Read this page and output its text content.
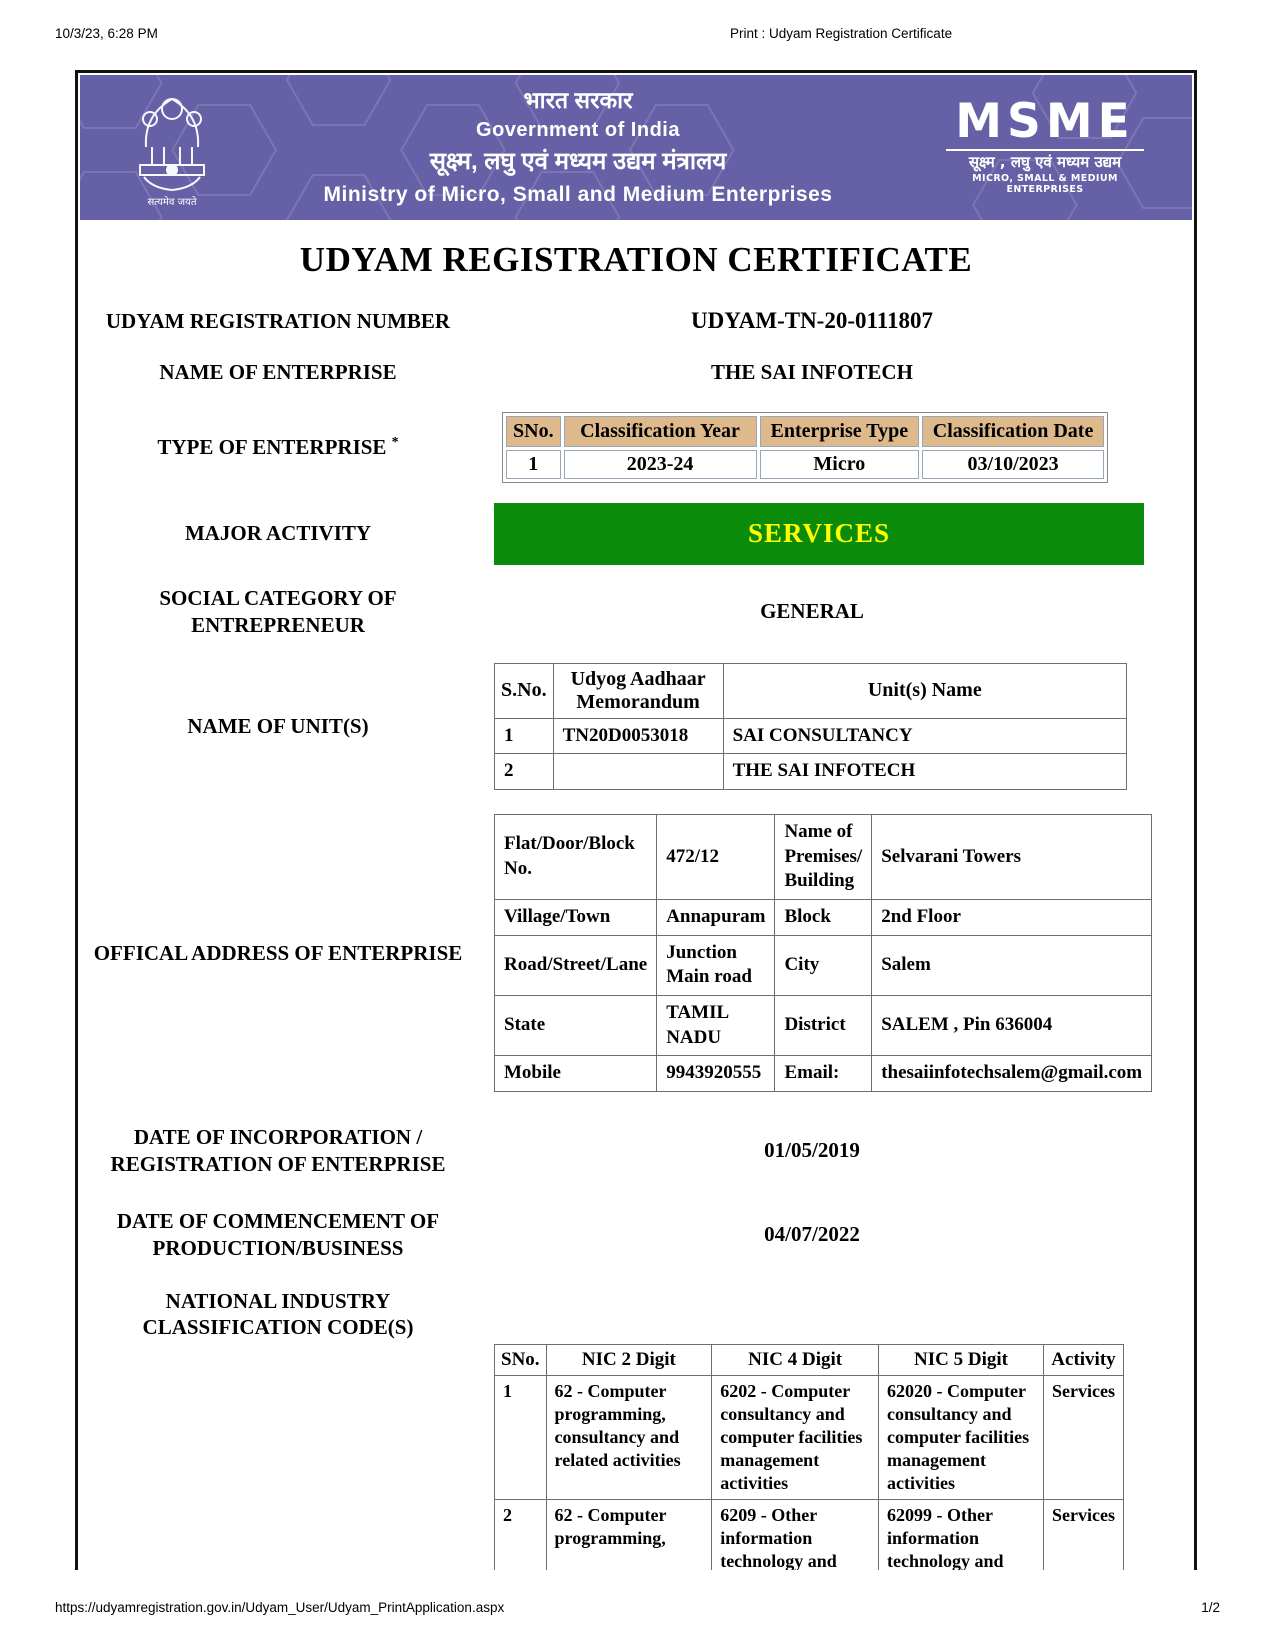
10/3/23, 6:28 PM	Print : Udyam Registration Certificate
सत्यमेव जयते
भारत सरकार
Government of India
सूक्ष्म, लघु एवं मध्यम उद्यम मंत्रालय
Ministry of Micro, Small and Medium Enterprises
MSME
सूक्ष्म , लघु एवं मध्यम उद्यम
MICRO, SMALL & MEDIUM ENTERPRISES
UDYAM REGISTRATION CERTIFICATE
UDYAM REGISTRATION NUMBER	UDYAM-TN-20-0111807
NAME OF ENTERPRISE	THE SAI INFOTECH
TYPE OF ENTERPRISE *
SNo.	Classification Year	Enterprise Type	Classification Date
1	2023-24	Micro	03/10/2023
MAJOR ACTIVITY	SERVICES
SOCIAL CATEGORY OF ENTREPRENEUR
GENERAL
NAME OF UNIT(S)
S.No.	Udyog Aadhaar Memorandum	Unit(s) Name
1	TN20D0053018	SAI CONSULTANCY
2		THE SAI INFOTECH
OFFICAL ADDRESS OF ENTERPRISE
Flat/Door/Block No.	472/12	Name of Premises/ Building	Selvarani Towers
Village/Town	Annapuram	Block	2nd Floor
Road/Street/Lane	Junction Main road	City	Salem
State	TAMIL NADU	District	SALEM , Pin 636004
Mobile	9943920555	Email:	thesaiinfotechsalem@gmail.com
DATE OF INCORPORATION / REGISTRATION OF ENTERPRISE
01/05/2019
DATE OF COMMENCEMENT OF PRODUCTION/BUSINESS
04/07/2022
NATIONAL INDUSTRY CLASSIFICATION CODE(S)
SNo.	NIC 2 Digit	NIC 4 Digit	NIC 5 Digit	Activity
1	62 - Computer programming, consultancy and related activities	6202 - Computer consultancy and computer facilities management activities	62020 - Computer consultancy and computer facilities management activities	Services
2	62 - Computer programming,	6209 - Other information technology and	62099 - Other information technology and	Services
https://udyamregistration.gov.in/Udyam_User/Udyam_PrintApplication.aspx	1/2
